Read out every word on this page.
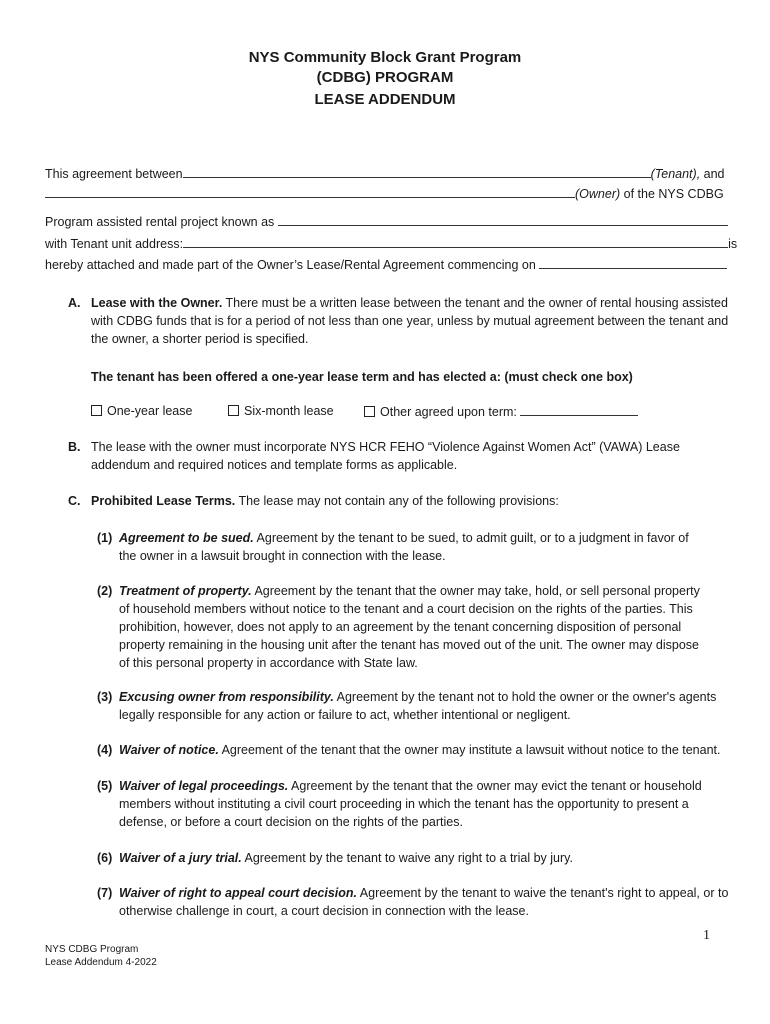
NYS Community Block Grant Program
(CDBG) PROGRAM
LEASE ADDENDUM
This agreement between	(Tenant), and
(Owner) of the NYS CDBG
Program assisted rental project known as
with Tenant unit address:	is
hereby attached and made part of the Owner’s Lease/Rental Agreement commencing on
A. Lease with the Owner. There must be a written lease between the tenant and the owner of rental housing assisted with CDBG funds that is for a period of not less than one year, unless by mutual agreement between the tenant and the owner, a shorter period is specified.
The tenant has been offered a one-year lease term and has elected a: (must check one box)
One-year lease	Six-month lease	Other agreed upon term:
B. The lease with the owner must incorporate NYS HCR FEHO “Violence Against Women Act” (VAWA) Lease addendum and required notices and template forms as applicable.
C. Prohibited Lease Terms. The lease may not contain any of the following provisions:
(1) Agreement to be sued. Agreement by the tenant to be sued, to admit guilt, or to a judgment in favor of the owner in a lawsuit brought in connection with the lease.
(2) Treatment of property. Agreement by the tenant that the owner may take, hold, or sell personal property of household members without notice to the tenant and a court decision on the rights of the parties. This prohibition, however, does not apply to an agreement by the tenant concerning disposition of personal property remaining in the housing unit after the tenant has moved out of the unit. The owner may dispose of this personal property in accordance with State law.
(3) Excusing owner from responsibility. Agreement by the tenant not to hold the owner or the owner's agents legally responsible for any action or failure to act, whether intentional or negligent.
(4) Waiver of notice. Agreement of the tenant that the owner may institute a lawsuit without notice to the tenant.
(5) Waiver of legal proceedings. Agreement by the tenant that the owner may evict the tenant or household members without instituting a civil court proceeding in which the tenant has the opportunity to present a defense, or before a court decision on the rights of the parties.
(6) Waiver of a jury trial. Agreement by the tenant to waive any right to a trial by jury.
(7) Waiver of right to appeal court decision. Agreement by the tenant to waive the tenant's right to appeal, or to otherwise challenge in court, a court decision in connection with the lease.
1
NYS CDBG Program
Lease Addendum 4-2022
